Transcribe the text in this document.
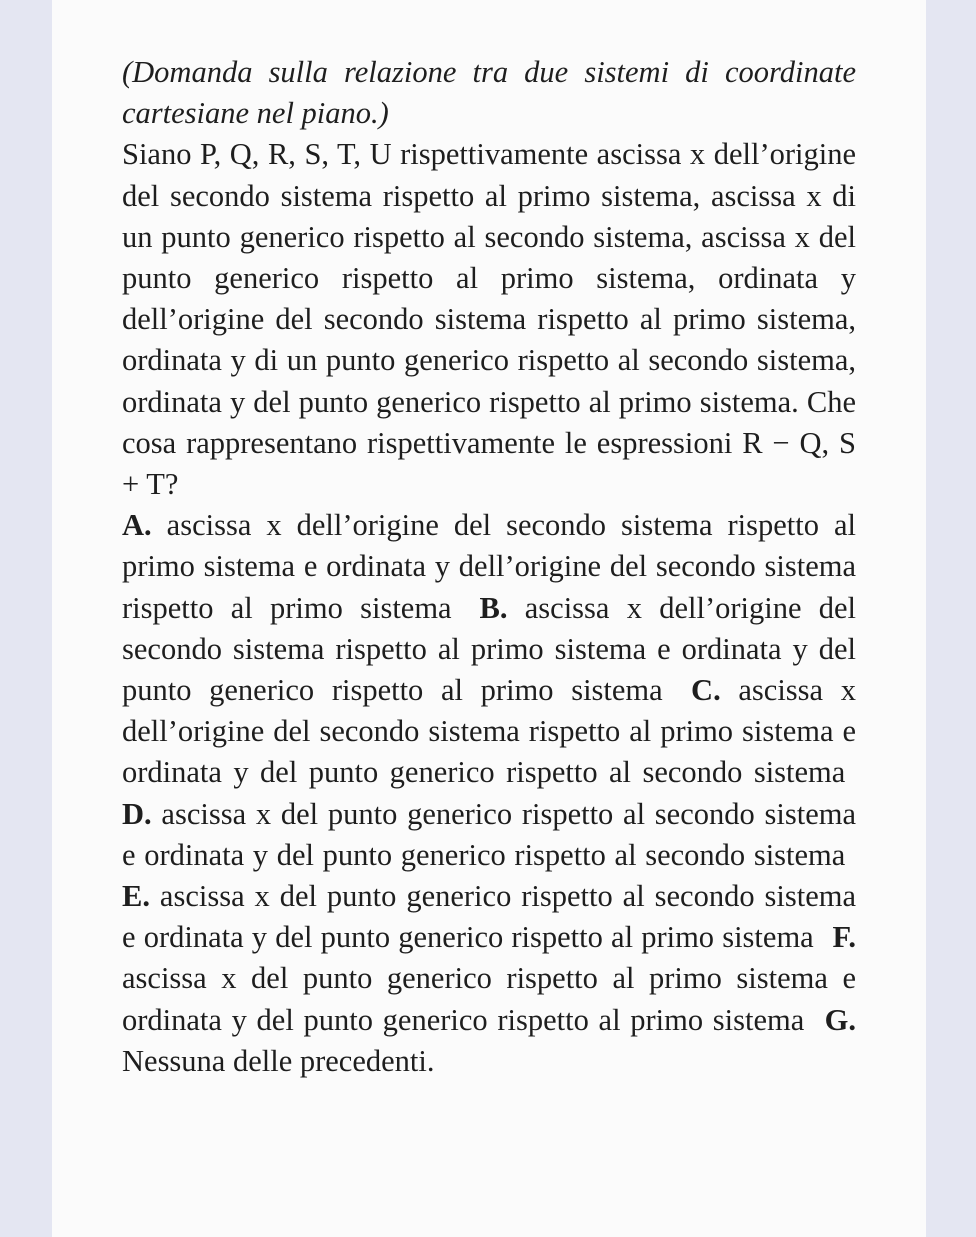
(Domanda sulla relazione tra due sistemi di coordinate cartesiane nel piano.)
Siano P, Q, R, S, T, U rispettivamente ascissa x dell’origine del secondo sistema rispetto al primo sistema, ascissa x di un punto generico rispetto al secondo sistema, ascissa x del punto generico rispetto al primo sistema, ordinata y dell’origine del secondo sistema rispetto al primo sistema, ordinata y di un punto generico rispetto al secondo sistema, ordinata y del punto generico rispetto al primo sistema. Che cosa rappresentano rispettivamente le espressioni R − Q, S + T?
A. ascissa x dell’origine del secondo sistema rispetto al primo sistema e ordinata y dell’origine del secondo sistema rispetto al primo sistema B. ascissa x dell’origine del secondo sistema rispetto al primo sistema e ordinata y del punto generico rispetto al primo sistema C. ascissa x dell’origine del secondo sistema rispetto al primo sistema e ordinata y del punto generico rispetto al secondo sistema D. ascissa x del punto generico rispetto al secondo sistema e ordinata y del punto generico rispetto al secondo sistema E. ascissa x del punto generico rispetto al secondo sistema e ordinata y del punto generico rispetto al primo sistema F. ascissa x del punto generico rispetto al primo sistema e ordinata y del punto generico rispetto al primo sistema G. Nessuna delle precedenti.
